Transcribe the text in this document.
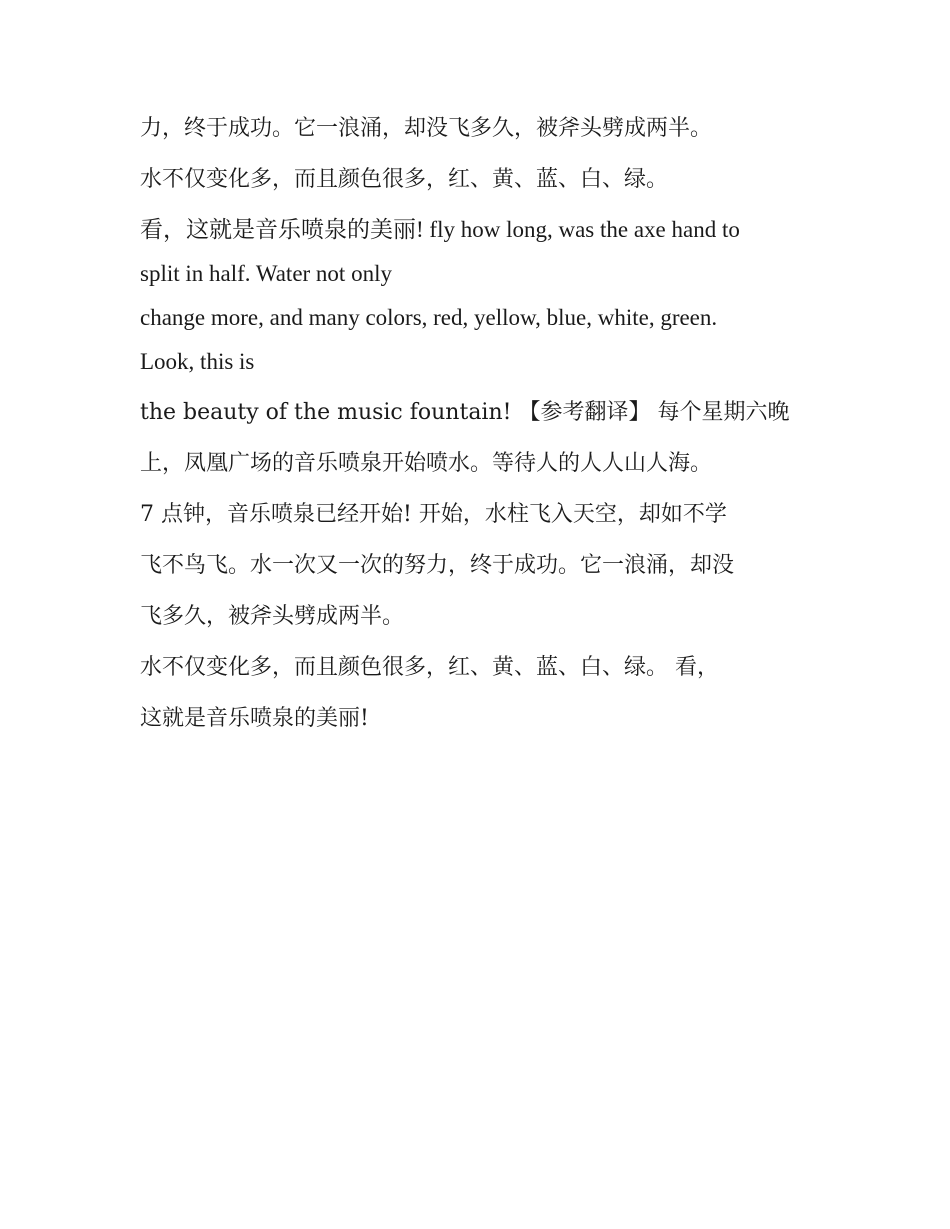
力，终于成功。它一浪涌，却没飞多久，被斧头劈成两半。
水不仅变化多，而且颜色很多，红、黄、蓝、白、绿。
看，这就是音乐喷泉的美丽! fly how long, was the axe hand to
split in half. Water not only
change more, and many colors, red, yellow, blue, white, green.
Look, this is
the beauty of the music fountain! 【参考翻译】 每个星期六晚
上，凤凰广场的音乐喷泉开始喷水。等待人的人人山人海。
7 点钟，音乐喷泉已经开始! 开始，水柱飞入天空，却如不学
飞不鸟飞。水一次又一次的努力，终于成功。它一浪涌，却没
飞多久，被斧头劈成两半。
水不仅变化多，而且颜色很多，红、黄、蓝、白、绿。 看，
这就是音乐喷泉的美丽!
